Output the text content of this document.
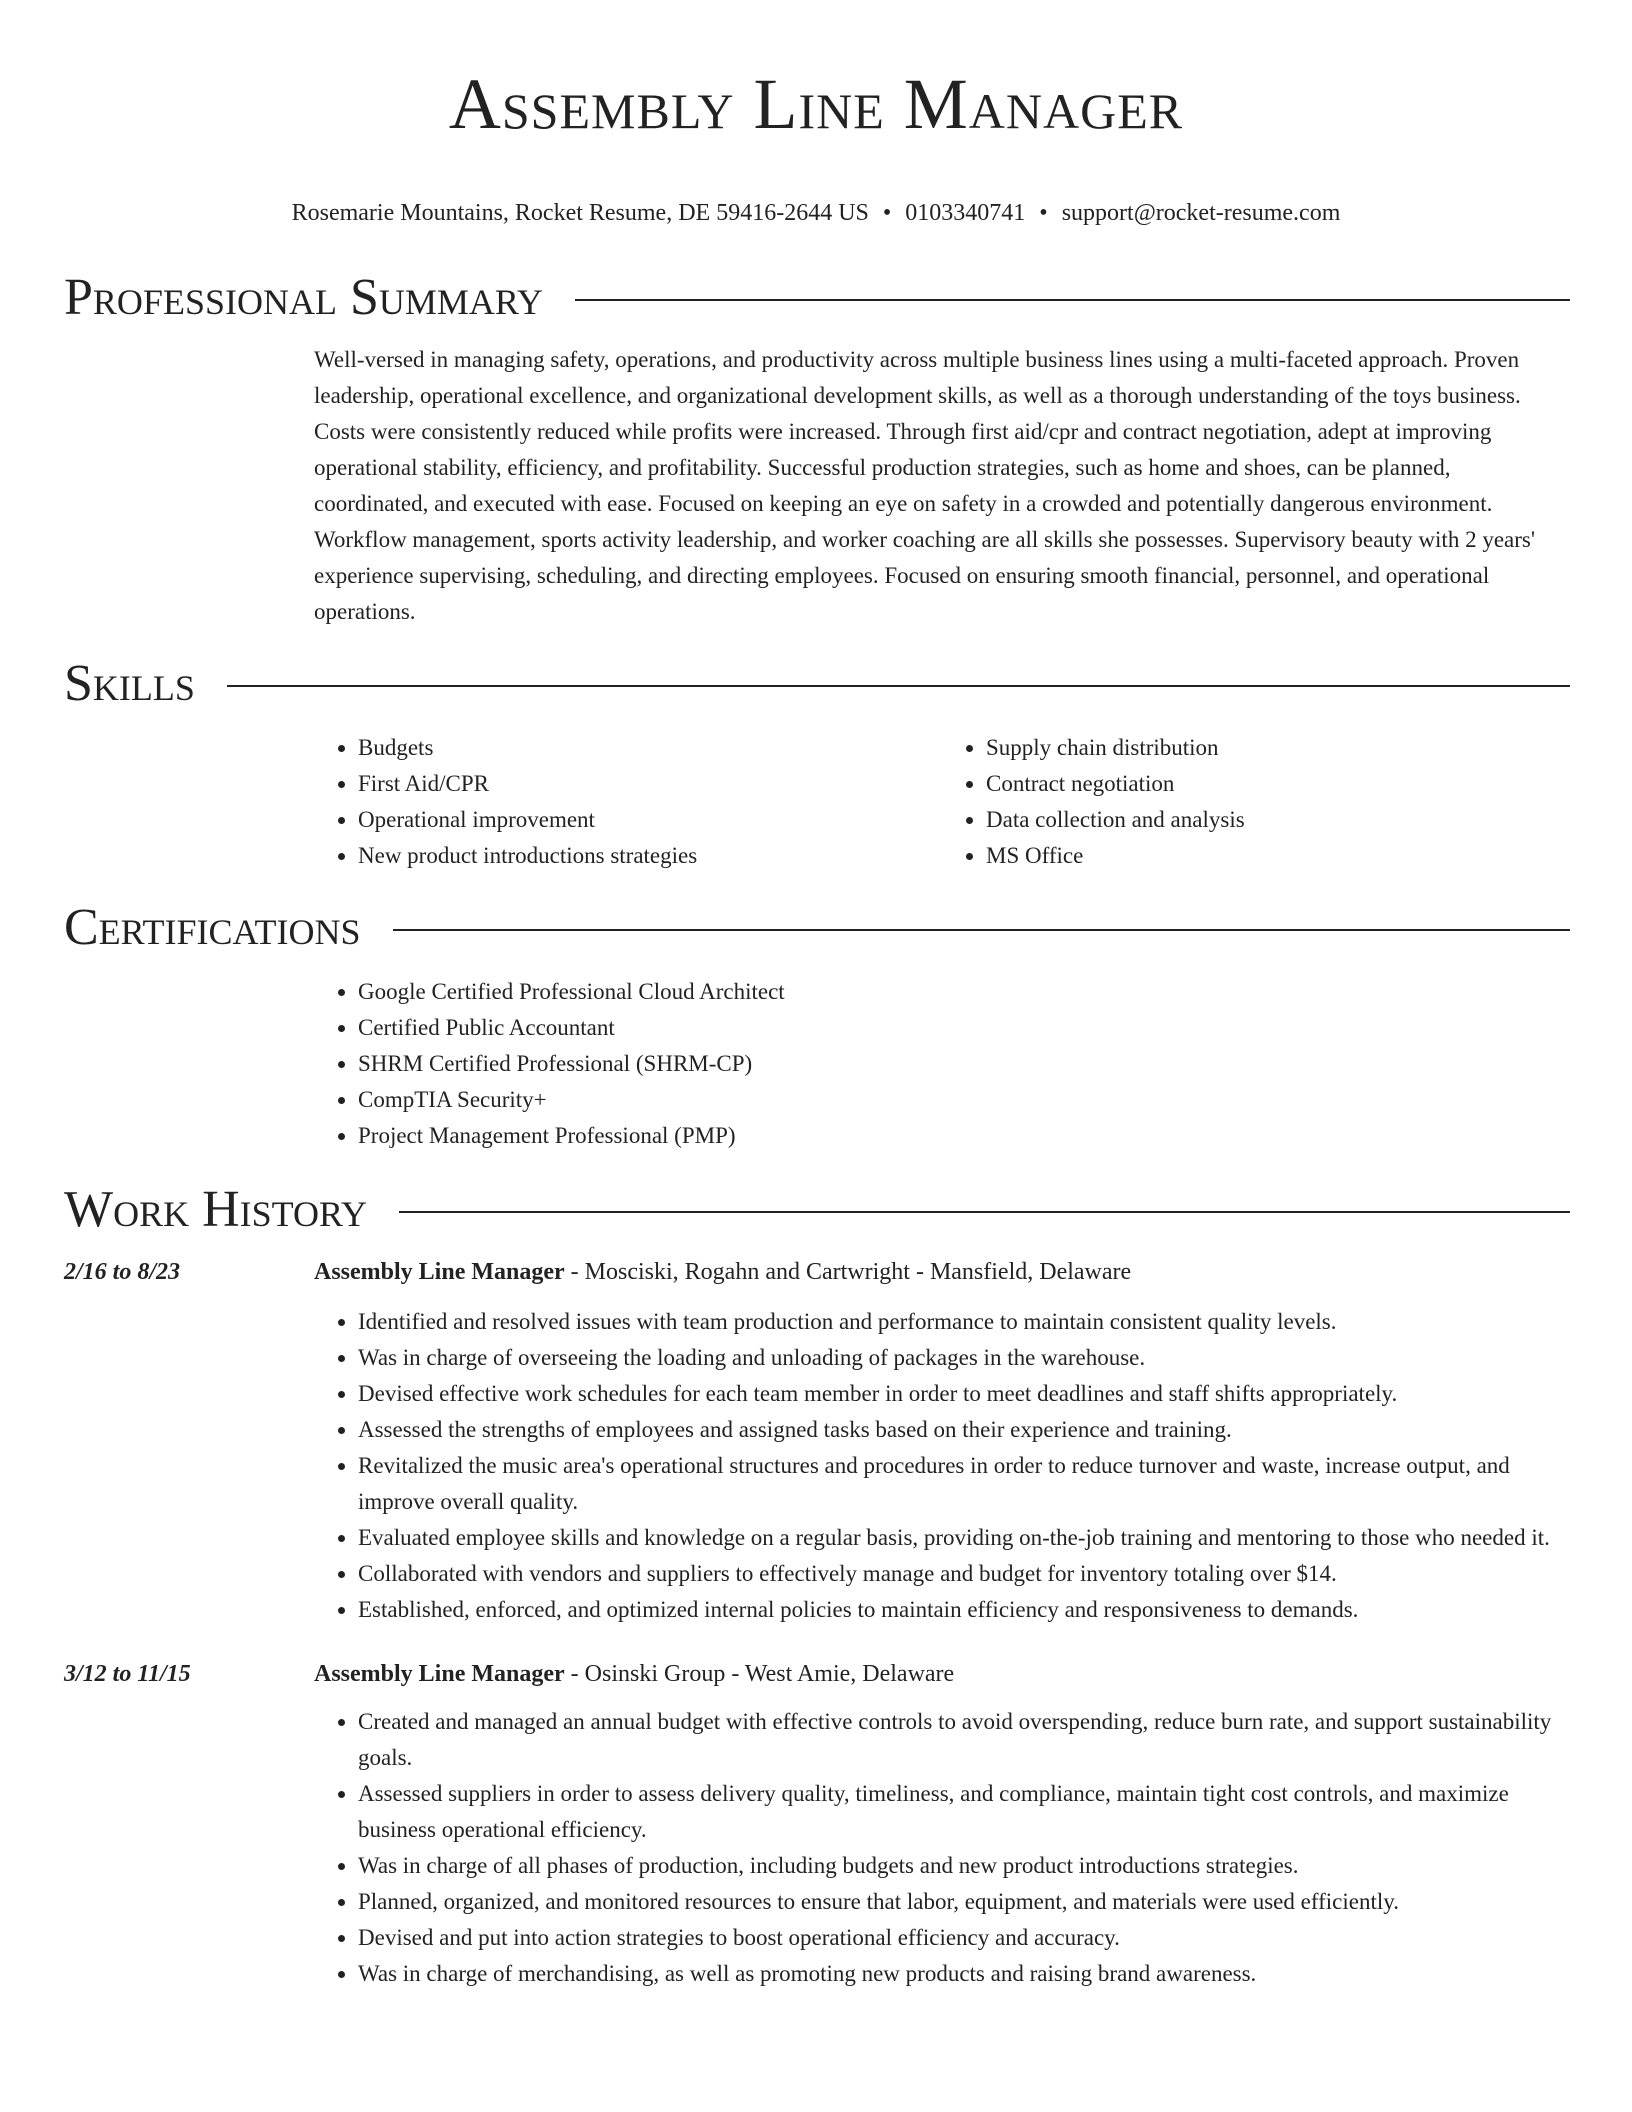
Assembly Line Manager
Rosemarie Mountains, Rocket Resume, DE 59416-2644 US • 0103340741 • support@rocket-resume.com
Professional Summary
Well-versed in managing safety, operations, and productivity across multiple business lines using a multi-faceted approach. Proven leadership, operational excellence, and organizational development skills, as well as a thorough understanding of the toys business. Costs were consistently reduced while profits were increased. Through first aid/cpr and contract negotiation, adept at improving operational stability, efficiency, and profitability. Successful production strategies, such as home and shoes, can be planned, coordinated, and executed with ease. Focused on keeping an eye on safety in a crowded and potentially dangerous environment. Workflow management, sports activity leadership, and worker coaching are all skills she possesses. Supervisory beauty with 2 years' experience supervising, scheduling, and directing employees. Focused on ensuring smooth financial, personnel, and operational operations.
Skills
• Budgets
• First Aid/CPR
• Operational improvement
• New product introductions strategies
• Supply chain distribution
• Contract negotiation
• Data collection and analysis
• MS Office
Certifications
• Google Certified Professional Cloud Architect
• Certified Public Accountant
• SHRM Certified Professional (SHRM-CP)
• CompTIA Security+
• Project Management Professional (PMP)
Work History
2/16 to 8/23	Assembly Line Manager - Mosciski, Rogahn and Cartwright - Mansfield, Delaware
• Identified and resolved issues with team production and performance to maintain consistent quality levels.
• Was in charge of overseeing the loading and unloading of packages in the warehouse.
• Devised effective work schedules for each team member in order to meet deadlines and staff shifts appropriately.
• Assessed the strengths of employees and assigned tasks based on their experience and training.
• Revitalized the music area's operational structures and procedures in order to reduce turnover and waste, increase output, and improve overall quality.
• Evaluated employee skills and knowledge on a regular basis, providing on-the-job training and mentoring to those who needed it.
• Collaborated with vendors and suppliers to effectively manage and budget for inventory totaling over $14.
• Established, enforced, and optimized internal policies to maintain efficiency and responsiveness to demands.
3/12 to 11/15	Assembly Line Manager - Osinski Group - West Amie, Delaware
• Created and managed an annual budget with effective controls to avoid overspending, reduce burn rate, and support sustainability goals.
• Assessed suppliers in order to assess delivery quality, timeliness, and compliance, maintain tight cost controls, and maximize business operational efficiency.
• Was in charge of all phases of production, including budgets and new product introductions strategies.
• Planned, organized, and monitored resources to ensure that labor, equipment, and materials were used efficiently.
• Devised and put into action strategies to boost operational efficiency and accuracy.
• Was in charge of merchandising, as well as promoting new products and raising brand awareness.
